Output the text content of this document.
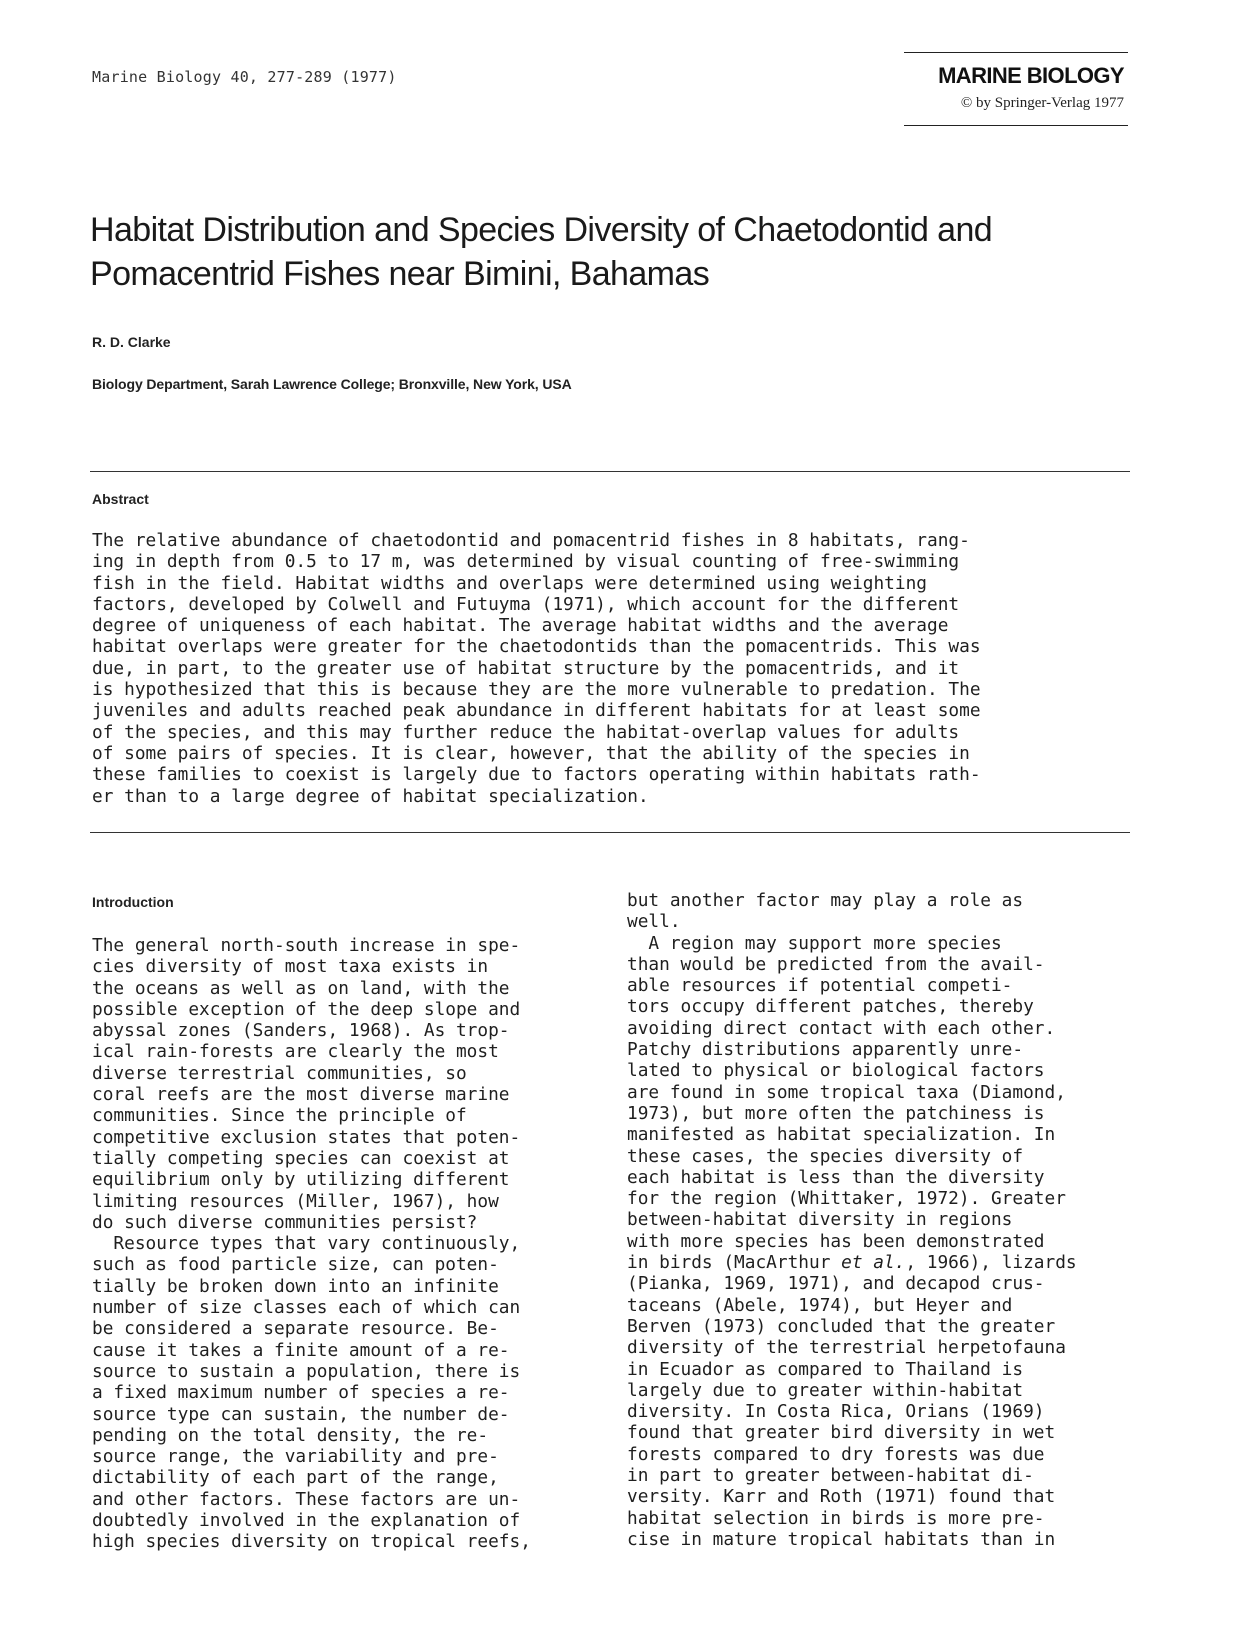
Marine Biology 40, 277-289 (1977)	MARINE BIOLOGY
© by Springer-Verlag 1977
Habitat Distribution and Species Diversity of Chaetodontid and
Pomacentrid Fishes near Bimini, Bahamas
R. D. Clarke
Biology Department, Sarah Lawrence College; Bronxville, New York, USA
Abstract
The relative abundance of chaetodontid and pomacentrid fishes in 8 habitats, rang-
ing in depth from 0.5 to 17 m, was determined by visual counting of free-swimming
fish in the field. Habitat widths and overlaps were determined using weighting
factors, developed by Colwell and Futuyma (1971), which account for the different
degree of uniqueness of each habitat. The average habitat widths and the average
habitat overlaps were greater for the chaetodontids than the pomacentrids. This was
due, in part, to the greater use of habitat structure by the pomacentrids, and it
is hypothesized that this is because they are the more vulnerable to predation. The
juveniles and adults reached peak abundance in different habitats for at least some
of the species, and this may further reduce the habitat-overlap values for adults
of some pairs of species. It is clear, however, that the ability of the species in
these families to coexist is largely due to factors operating within habitats rath-
er than to a large degree of habitat specialization.
Introduction
The general north-south increase in spe-
cies diversity of most taxa exists in
the oceans as well as on land, with the
possible exception of the deep slope and
abyssal zones (Sanders, 1968). As trop-
ical rain-forests are clearly the most
diverse terrestrial communities, so
coral reefs are the most diverse marine
communities. Since the principle of
competitive exclusion states that poten-
tially competing species can coexist at
equilibrium only by utilizing different
limiting resources (Miller, 1967), how
do such diverse communities persist?
Resource types that vary continuously,
such as food particle size, can poten-
tially be broken down into an infinite
number of size classes each of which can
be considered a separate resource. Be-
cause it takes a finite amount of a re-
source to sustain a population, there is
a fixed maximum number of species a re-
source type can sustain, the number de-
pending on the total density, the re-
source range, the variability and pre-
dictability of each part of the range,
and other factors. These factors are un-
doubtedly involved in the explanation of
high species diversity on tropical reefs,
but another factor may play a role as
well.
A region may support more species
than would be predicted from the avail-
able resources if potential competi-
tors occupy different patches, thereby
avoiding direct contact with each other.
Patchy distributions apparently unre-
lated to physical or biological factors
are found in some tropical taxa (Diamond,
1973), but more often the patchiness is
manifested as habitat specialization. In
these cases, the species diversity of
each habitat is less than the diversity
for the region (Whittaker, 1972). Greater
between-habitat diversity in regions
with more species has been demonstrated
in birds (MacArthur et al., 1966), lizards
(Pianka, 1969, 1971), and decapod crus-
taceans (Abele, 1974), but Heyer and
Berven (1973) concluded that the greater
diversity of the terrestrial herpetofauna
in Ecuador as compared to Thailand is
largely due to greater within-habitat
diversity. In Costa Rica, Orians (1969)
found that greater bird diversity in wet
forests compared to dry forests was due
in part to greater between-habitat di-
versity. Karr and Roth (1971) found that
habitat selection in birds is more pre-
cise in mature tropical habitats than in
